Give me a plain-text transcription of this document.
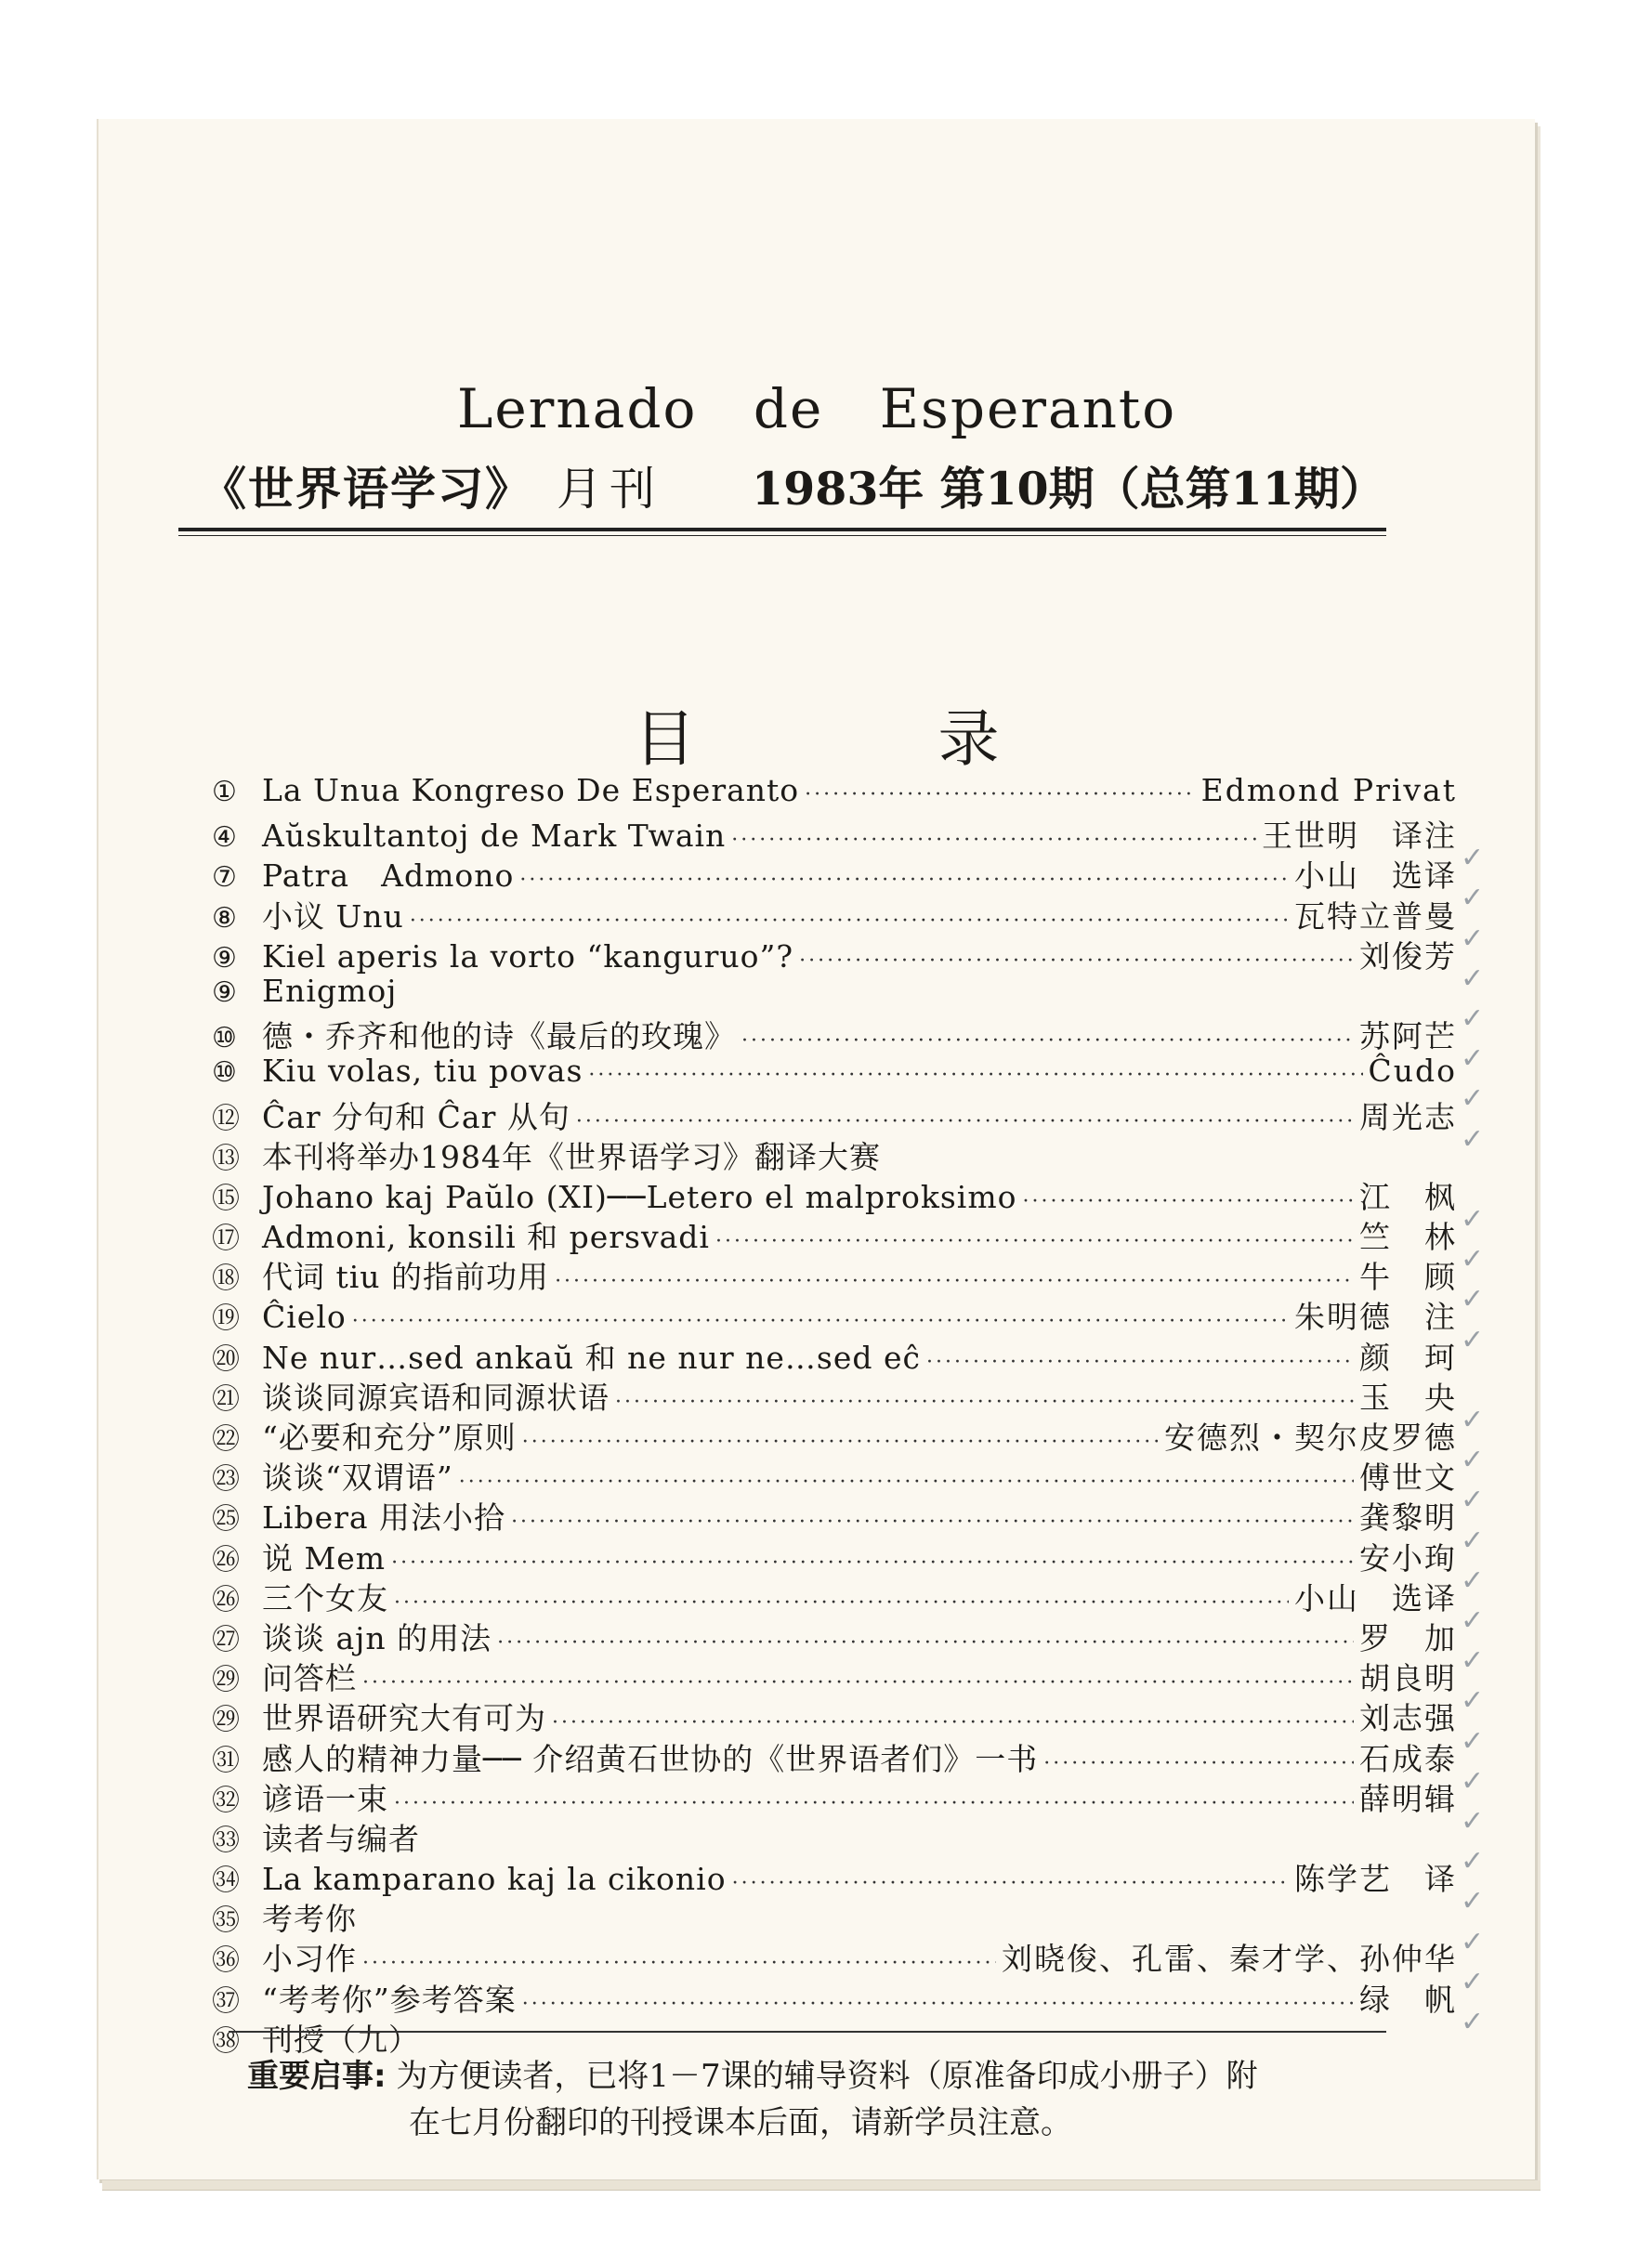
Lernado de Esperanto
《世界语学习》 月刊 1983年 第10期（总第11期）
目 录
① La Unua Kongreso De Esperanto ·····	Edmond Privat
④ Aŭskultantoj de Mark Twain ·····	王世明　译注
⑦ Patra　Admono ·····	小山　选译
⑧ 小议 Unu ·····	瓦特立普曼
⑨ Kiel aperis la vorto “kanguruo”? ·····	刘俊芳
⑨ Enigmoj
⑩ 德・乔齐和他的诗《最后的玫瑰》 ·····	苏阿芒
⑩ Kiu volas, tiu povas ·····	Ĉudo
⑫ Ĉar 分句和 Ĉar 从句 ·····	周光志
⑬ 本刊将举办1984年《世界语学习》翻译大赛
⑮ Johano kaj Paŭlo (XI)──Letero el malproksimo ·····	江　枫
⑰ Admoni, konsili 和 persvadi ·····	竺　林
⑱ 代词 tiu 的指前功用 ·····	牛　顾
⑲ Ĉielo ·····	朱明德　注
⑳ Ne nur…sed ankaŭ 和 ne nur ne…sed eĉ ·····	颜　珂
㉑ 谈谈同源宾语和同源状语 ·····	玉　央
㉒ “必要和充分”原则 ·····	安德烈・契尔皮罗德
㉓ 谈谈“双谓语” ·····	傅世文
㉕ Libera 用法小拾 ·····	龚黎明
㉖ 说 Mem ·····	安小珣
㉖ 三个女友 ·····	小山　选译
㉗ 谈谈 ajn 的用法 ·····	罗　加
㉙ 问答栏 ·····	胡良明
㉙ 世界语研究大有可为 ·····	刘志强
㉛ 感人的精神力量── 介绍黄石世协的《世界语者们》一书 ·····	石成泰
㉜ 谚语一束 ·····	薛明辑
㉝ 读者与编者
㉞ La kamparano kaj la cikonio ·····	陈学艺　译
㉟ 考考你
㊱ 小习作 ·····	刘晓俊、孔雷、秦才学、孙仲华
㊲ “考考你”参考答案 ·····	绿　帆
㊳ 刊授（九）
重要启事: 为方便读者，已将1－7课的辅导资料（原准备印成小册子）附
在七月份翻印的刊授课本后面，请新学员注意。
✓
✓
✓
✓
✓
✓
✓
✓
✓
✓
✓
✓
✓
✓
✓
✓
✓
✓
✓
✓
✓
✓
✓
✓
✓
✓
✓
✓
